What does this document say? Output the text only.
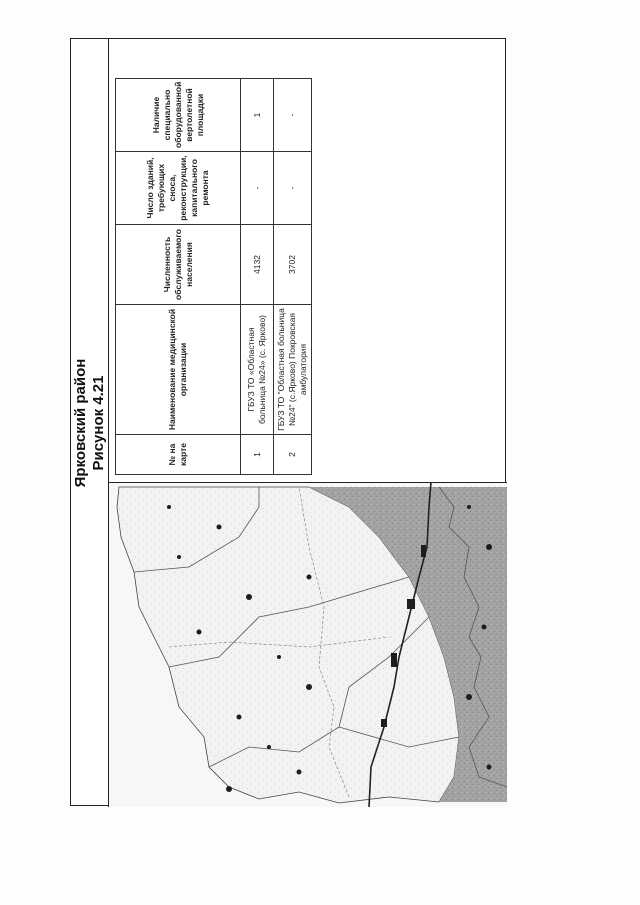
Ярковский район Рисунок 4.21	№ на карте	Наименование медицинской организации	Численность обслуживаемого населения	Число зданий, требующих сноса, реконструкции, капитального ремонта	Наличие специально оборудованной вертолетной площадки
1	ГБУЗ ТО «Областная больница №24» (с. Ярково)	4132	-	1
2	ГБУЗ ТО "Областная больница №24" (с.Ярково) Покровская амбулатория	3702	-	-
